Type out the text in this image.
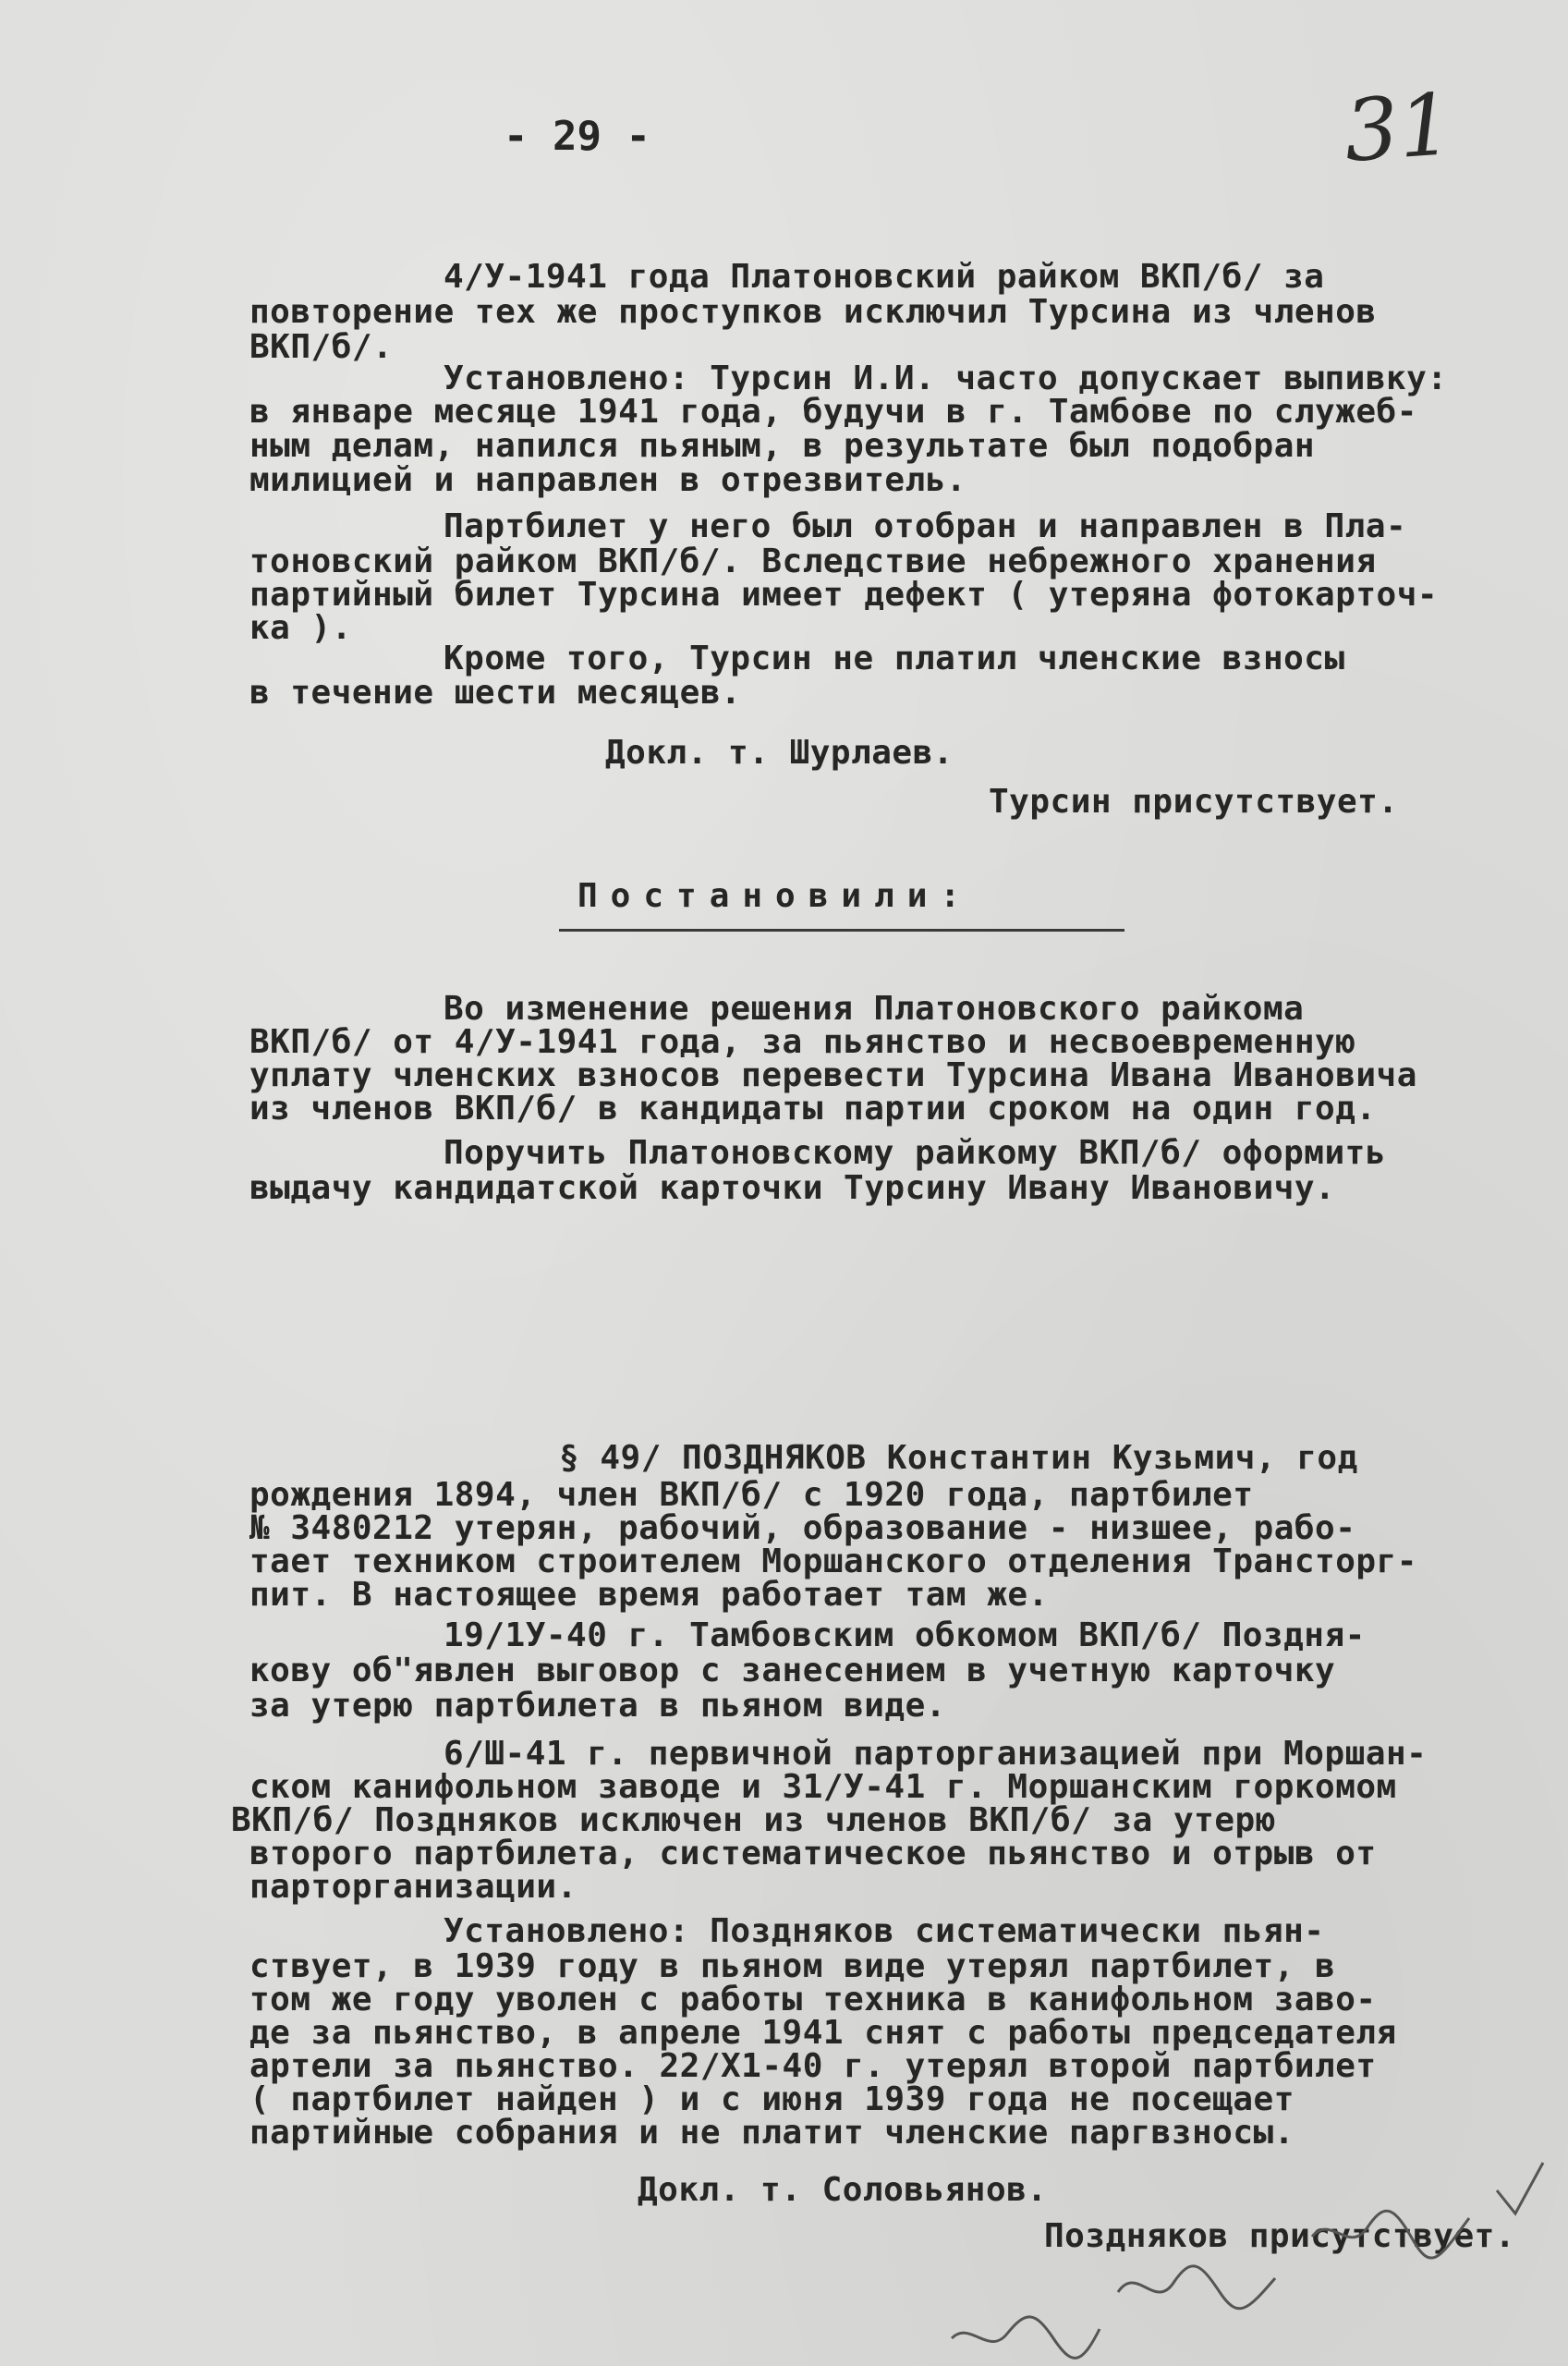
- 29 -	31
4/У-1941 года Платоновский райком ВКП/б/ за
повторение тех же проступков исключил Турсина из членов
ВКП/б/.
Установлено: Турсин И.И. часто допускает выпивку:
в январе месяце 1941 года, будучи в г. Тамбове по служеб-
ным делам, напился пьяным, в результате был подобран
милицией и направлен в отрезвитель.
Партбилет у него был отобран и направлен в Пла-
тоновский райком ВКП/б/. Вследствие небрежного хранения
партийный билет Турсина имеет дефект ( утеряна фотокарточ-
ка ).
Кроме того, Турсин не платил членские взносы
в течение шести месяцев.
Докл. т. Шурлаев.
Турсин присутствует.
Постановили:
Во изменение решения Платоновского райкома
ВКП/б/ от 4/У-1941 года, за пьянство и несвоевременную
уплату членских взносов перевести Турсина Ивана Ивановича
из членов ВКП/б/ в кандидаты партии сроком на один год.
Поручить Платоновскому райкому ВКП/б/ оформить
выдачу кандидатской карточки Турсину Ивану Ивановичу.
§ 49/ ПОЗДНЯКОВ Константин Кузьмич, год
рождения 1894, член ВКП/б/ с 1920 года, партбилет
№ 3480212 утерян, рабочий, образование - низшее, рабо-
тает техником строителем Моршанского отделения Трансторг-
пит. В настоящее время работает там же.
19/1У-40 г. Тамбовским обкомом ВКП/б/ Поздня-
кову об"явлен выговор с занесением в учетную карточку
за утерю партбилета в пьяном виде.
6/Ш-41 г. первичной парторганизацией при Моршан-
ском канифольном заводе и 31/У-41 г. Моршанским горкомом
ВКП/б/ Поздняков исключен из членов ВКП/б/ за утерю
второго партбилета, систематическое пьянство и отрыв от
парторганизации.
Установлено: Поздняков систематически пьян-
ствует, в 1939 году в пьяном виде утерял партбилет, в
том же году уволен с работы техника в канифольном заво-
де за пьянство, в апреле 1941 снят с работы председателя
артели за пьянство. 22/Х1-40 г. утерял второй партбилет
( партбилет найден ) и с июня 1939 года не посещает
партийные собрания и не платит членские паргвзносы.
Докл. т. Соловьянов.
Поздняков присутствует.
